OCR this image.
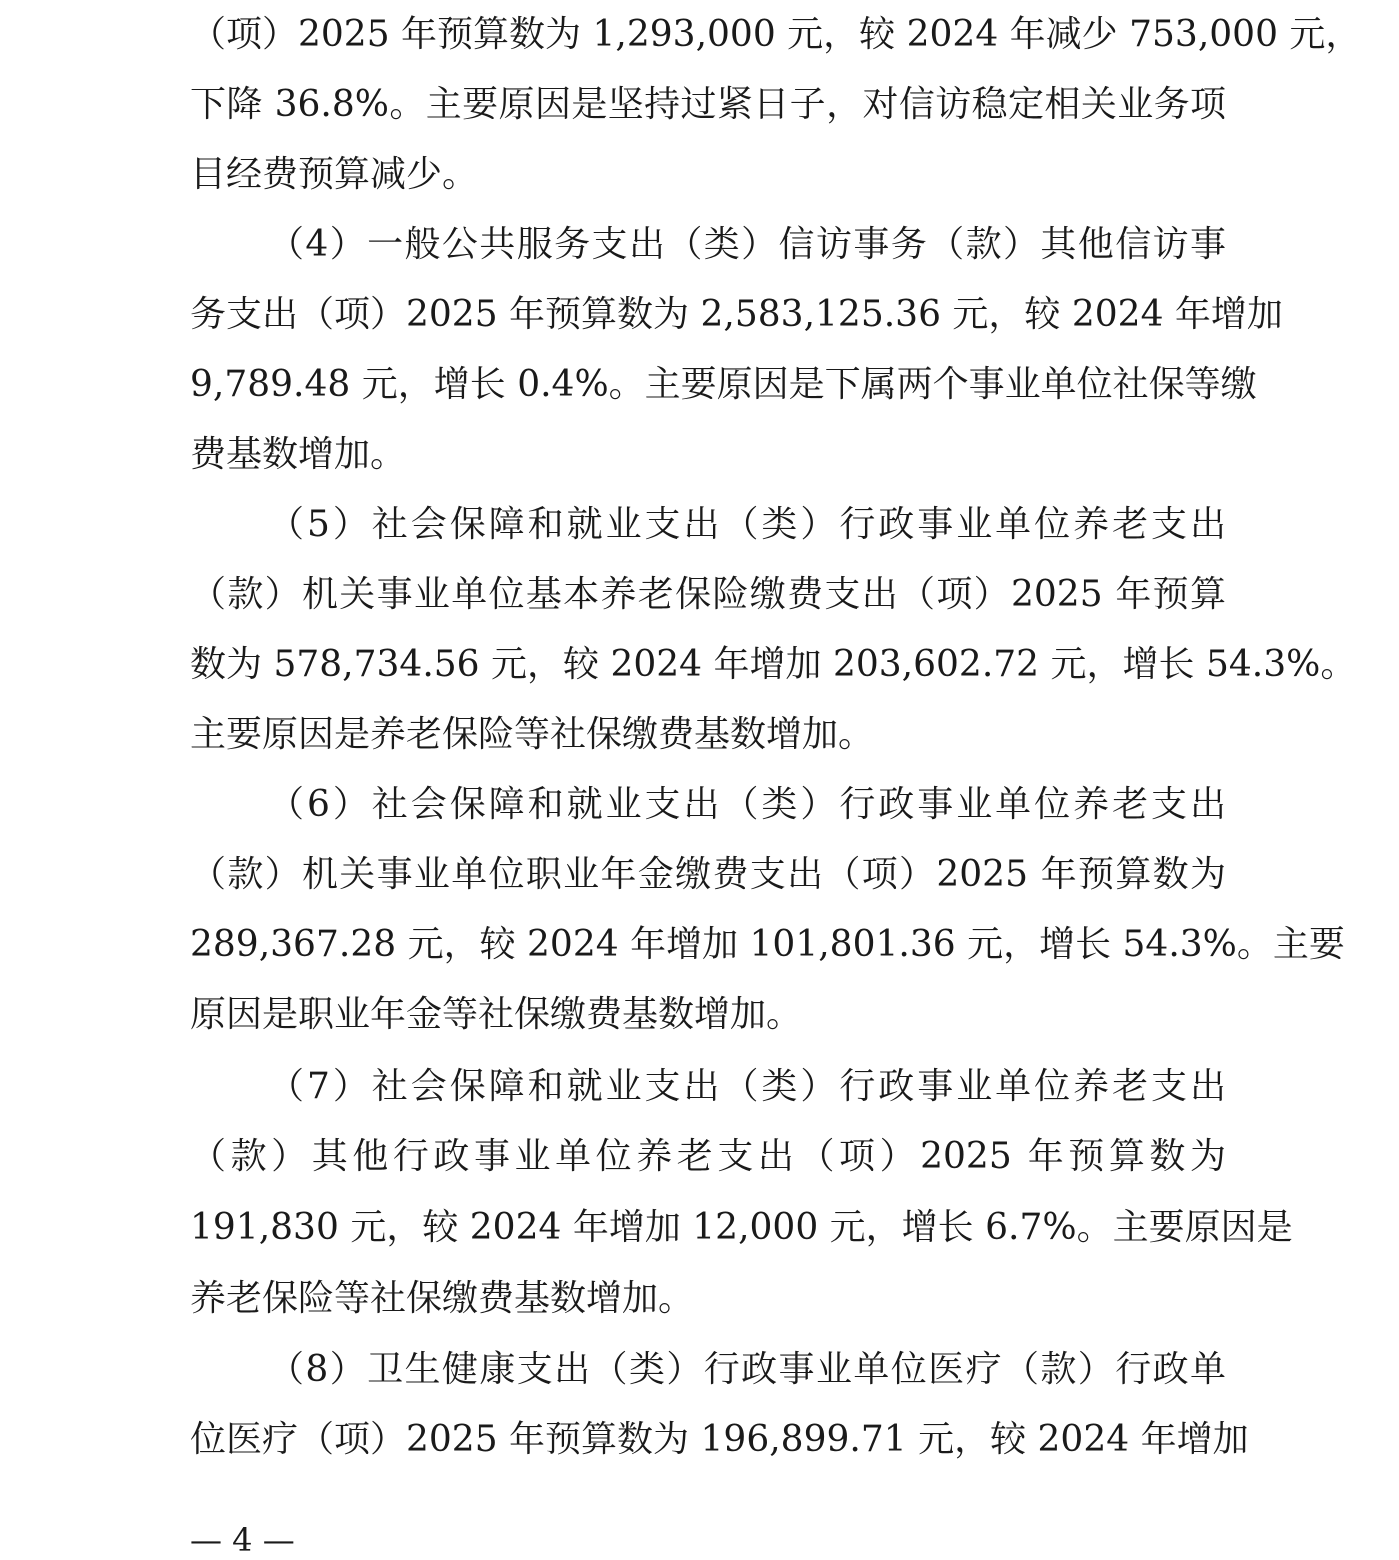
（项）2025 年预算数为 1,293,000 元，较 2024 年减少 753,000 元，
下降 36.8%。主要原因是坚持过紧日子，对信访稳定相关业务项
目经费预算减少。
（4）一般公共服务支出（类）信访事务（款）其他信访事
务支出（项）2025 年预算数为 2,583,125.36 元，较 2024 年增加
9,789.48 元，增长 0.4%。主要原因是下属两个事业单位社保等缴
费基数增加。
（5）社会保障和就业支出（类）行政事业单位养老支出
（款）机关事业单位基本养老保险缴费支出（项）2025 年预算
数为 578,734.56 元，较 2024 年增加 203,602.72 元，增长 54.3%。
主要原因是养老保险等社保缴费基数增加。
（6）社会保障和就业支出（类）行政事业单位养老支出
（款）机关事业单位职业年金缴费支出（项）2025 年预算数为
289,367.28 元，较 2024 年增加 101,801.36 元，增长 54.3%。主要
原因是职业年金等社保缴费基数增加。
（7）社会保障和就业支出（类）行政事业单位养老支出
（款）其他行政事业单位养老支出（项）2025 年预算数为
191,830 元，较 2024 年增加 12,000 元，增长 6.7%。主要原因是
养老保险等社保缴费基数增加。
（8）卫生健康支出（类）行政事业单位医疗（款）行政单
位医疗（项）2025 年预算数为 196,899.71 元，较 2024 年增加
— 4 —
